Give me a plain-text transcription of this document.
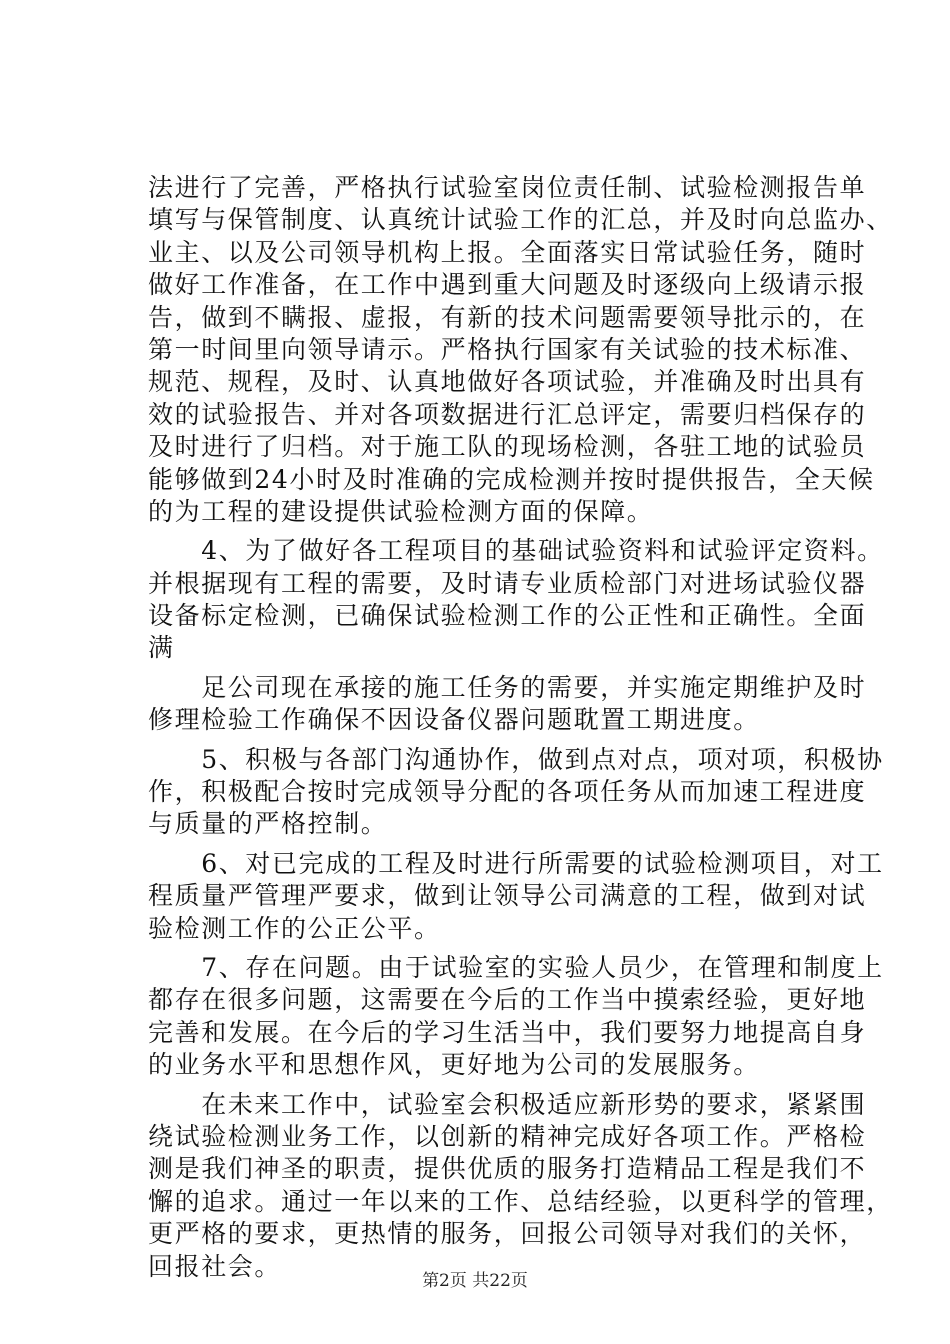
法进行了完善，严格执行试验室岗位责任制、试验检测报告单
填写与保管制度、认真统计试验工作的汇总，并及时向总监办、
业主、以及公司领导机构上报。全面落实日常试验任务，随时
做好工作准备，在工作中遇到重大问题及时逐级向上级请示报
告，做到不瞒报、虚报，有新的技术问题需要领导批示的，在
第一时间里向领导请示。严格执行国家有关试验的技术标准、
规范、规程，及时、认真地做好各项试验，并准确及时出具有
效的试验报告、并对各项数据进行汇总评定，需要归档保存的
及时进行了归档。对于施工队的现场检测，各驻工地的试验员
能够做到24小时及时准确的完成检测并按时提供报告，全天候
的为工程的建设提供试验检测方面的保障。
　　4、为了做好各工程项目的基础试验资料和试验评定资料。
并根据现有工程的需要，及时请专业质检部门对进场试验仪器
设备标定检测，已确保试验检测工作的公正性和正确性。全面
满
　　足公司现在承接的施工任务的需要，并实施定期维护及时
修理检验工作确保不因设备仪器问题耽置工期进度。
　　5、积极与各部门沟通协作，做到点对点，项对项，积极协
作，积极配合按时完成领导分配的各项任务从而加速工程进度
与质量的严格控制。
　　6、对已完成的工程及时进行所需要的试验检测项目，对工
程质量严管理严要求，做到让领导公司满意的工程，做到对试
验检测工作的公正公平。
　　7、存在问题。由于试验室的实验人员少，在管理和制度上
都存在很多问题，这需要在今后的工作当中摸索经验，更好地
完善和发展。在今后的学习生活当中，我们要努力地提高自身
的业务水平和思想作风，更好地为公司的发展服务。
　　在未来工作中，试验室会积极适应新形势的要求，紧紧围
绕试验检测业务工作，以创新的精神完成好各项工作。严格检
测是我们神圣的职责，提供优质的服务打造精品工程是我们不
懈的追求。通过一年以来的工作、总结经验，以更科学的管理，
更严格的要求，更热情的服务，回报公司领导对我们的关怀，
回报社会。
第2页 共22页
